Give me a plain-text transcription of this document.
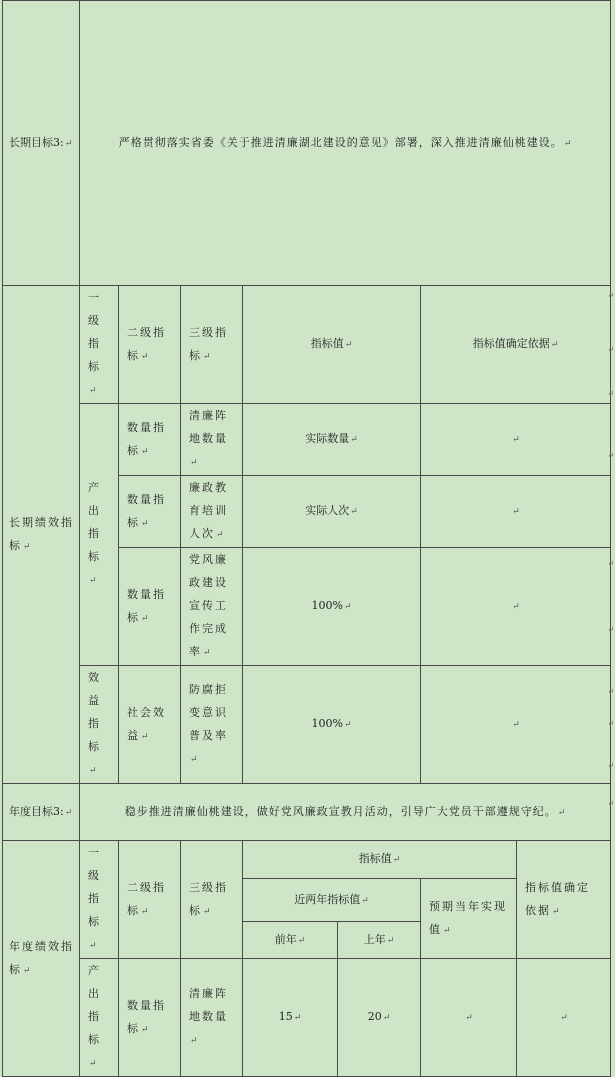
长期目标3:↵	严格贯彻落实省委《关于推进清廉湖北建设的意见》部署，深入推进清廉仙桃建设。↵						

长期绩效指标↵	一级指标↵	二级指标↵	三级指标↵	指标值↵		指标值确定依据↵	

	产出指标↵	数量指标↵	清廉阵地数量↵	实际数量↵		↵	

		数量指标↵	廉政教育培训人次↵	实际人次↵		↵	

		数量指标↵	党风廉政建设宣传工作完成率↵	100%↵		↵	

	效益指标↵	社会效益↵	防腐拒变意识普及率↵	100%↵		↵	
年度目标3:↵	稳步推进清廉仙桃建设，做好党风廉政宣教月活动，引导广大党员干部遵规守纪。↵						

年度绩效指标↵	一级指标↵	二级指标↵	三级指标↵	指标值↵			指标值确定依据↵

				近两年指标值↵		预期当年实现值↵	

				前年↵	上年↵		

	产出指标↵	数量指标↵	清廉阵地数量↵	15↵	20↵	↵	↵
↵
↵
↵
↵
↵
↵
↵
↵
↵
↵
